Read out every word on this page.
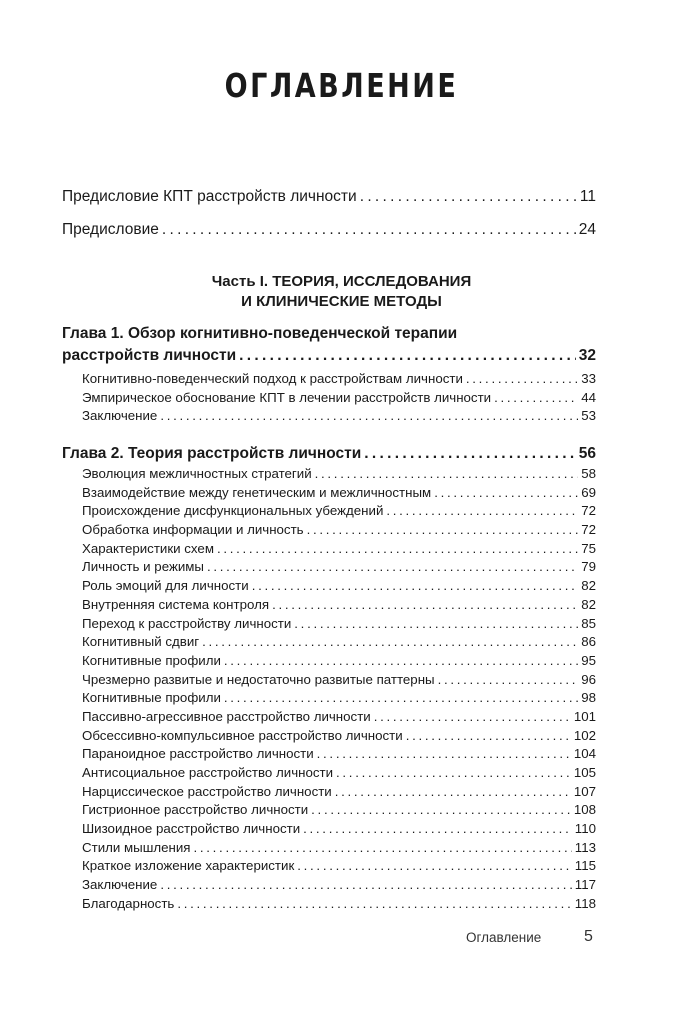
ОГЛАВЛЕНИЕ
Предисловие КПТ расстройств личности . . .	11
Предисловие . . .	24
Часть I. ТЕОРИЯ, ИССЛЕДОВАНИЯ
И КЛИНИЧЕСКИЕ МЕТОДЫ
Глава 1. Обзор когнитивно-поведенческой терапии
расстройств личности . . .	32
Когнитивно-поведенческий подход к расстройствам личности . . .	33
Эмпирическое обоснование КПТ в лечении расстройств личности . . .	44
Заключение . . .	53
Глава 2. Теория расстройств личности . . .	56
Эволюция межличностных стратегий . . .	58
Взаимодействие между генетическим и межличностным . . .	69
Происхождение дисфункциональных убеждений . . .	72
Обработка информации и личность . . .	72
Характеристики схем . . .	75
Личность и режимы . . .	79
Роль эмоций для личности . . .	82
Внутренняя система контроля . . .	82
Переход к расстройству личности . . .	85
Когнитивный сдвиг . . .	86
Когнитивные профили . . .	95
Чрезмерно развитые и недостаточно развитые паттерны . . .	96
Когнитивные профили . . .	98
Пассивно-агрессивное расстройство личности . . .	101
Обсессивно-компульсивное расстройство личности . . .	102
Параноидное расстройство личности . . .	104
Антисоциальное расстройство личности . . .	105
Нарциссическое расстройство личности . . .	107
Гистрионное расстройство личности . . .	108
Шизоидное расстройство личности . . .	110
Стили мышления . . .	113
Краткое изложение характеристик . . .	115
Заключение . . .	117
Благодарность . . .	118
Оглавление	5
